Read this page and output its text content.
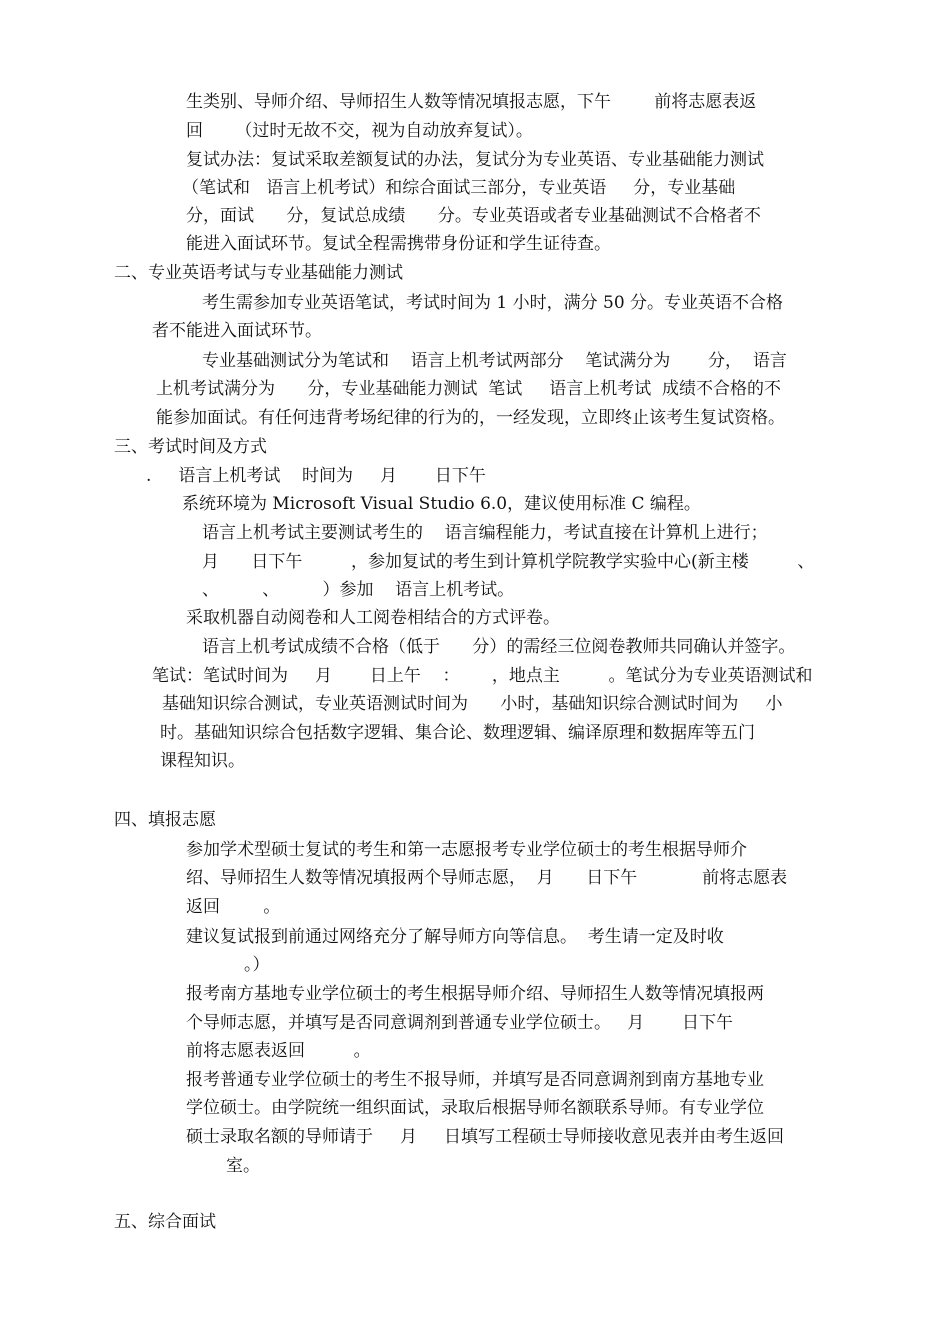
生类别、导师介绍、导师招生人数等情况填报志愿，下午        前将志愿表返

回      （过时无故不交，视为自动放弃复试）。

复试办法：复试采取差额复试的办法，复试分为专业英语、专业基础能力测试

（笔试和   语言上机考试）和综合面试三部分，专业英语     分，专业基础

分，面试      分，复试总成绩      分。专业英语或者专业基础测试不合格者不

能进入面试环节。复试全程需携带身份证和学生证待查。

二、专业英语考试与专业基础能力测试

考生需参加专业英语笔试，考试时间为 1 小时，满分 50 分。专业英语不合格

者不能进入面试环节。

专业基础测试分为笔试和    语言上机考试两部分    笔试满分为       分，  语言

上机考试满分为      分，专业基础能力测试  笔试     语言上机考试  成绩不合格的不

能参加面试。有任何违背考场纪律的行为的，一经发现，立即终止该考生复试资格。

三、考试时间及方式

.     语言上机考试    时间为     月       日下午

系统环境为 Microsoft Visual Studio 6.0，建议使用标准 C 编程。

语言上机考试主要测试考生的    语言编程能力，考试直接在计算机上进行；

月      日下午         ，参加复试的考生到计算机学院教学实验中心(新主楼         、

、        、        ）参加    语言上机考试。

采取机器自动阅卷和人工阅卷相结合的方式评卷。

语言上机考试成绩不合格（低于      分）的需经三位阅卷教师共同确认并签字。

笔试：笔试时间为     月       日上午    ：      ，地点主         。笔试分为专业英语测试和

基础知识综合测试，专业英语测试时间为      小时，基础知识综合测试时间为     小

时。基础知识综合包括数字逻辑、集合论、数理逻辑、编译原理和数据库等五门

课程知识。

四、填报志愿

参加学术型硕士复试的考生和第一志愿报考专业学位硕士的考生根据导师介

绍、导师招生人数等情况填报两个导师志愿，  月      日下午            前将志愿表

返回        。

建议复试报到前通过网络充分了解导师方向等信息。  考生请一定及时收

。）

报考南方基地专业学位硕士的考生根据导师介绍、导师招生人数等情况填报两

个导师志愿，并填写是否同意调剂到普通专业学位硕士。   月       日下午

前将志愿表返回         。

报考普通专业学位硕士的考生不报导师，并填写是否同意调剂到南方基地专业

学位硕士。由学院统一组织面试，录取后根据导师名额联系导师。有专业学位

硕士录取名额的导师请于     月     日填写工程硕士导师接收意见表并由考生返回

室。

五、综合面试
